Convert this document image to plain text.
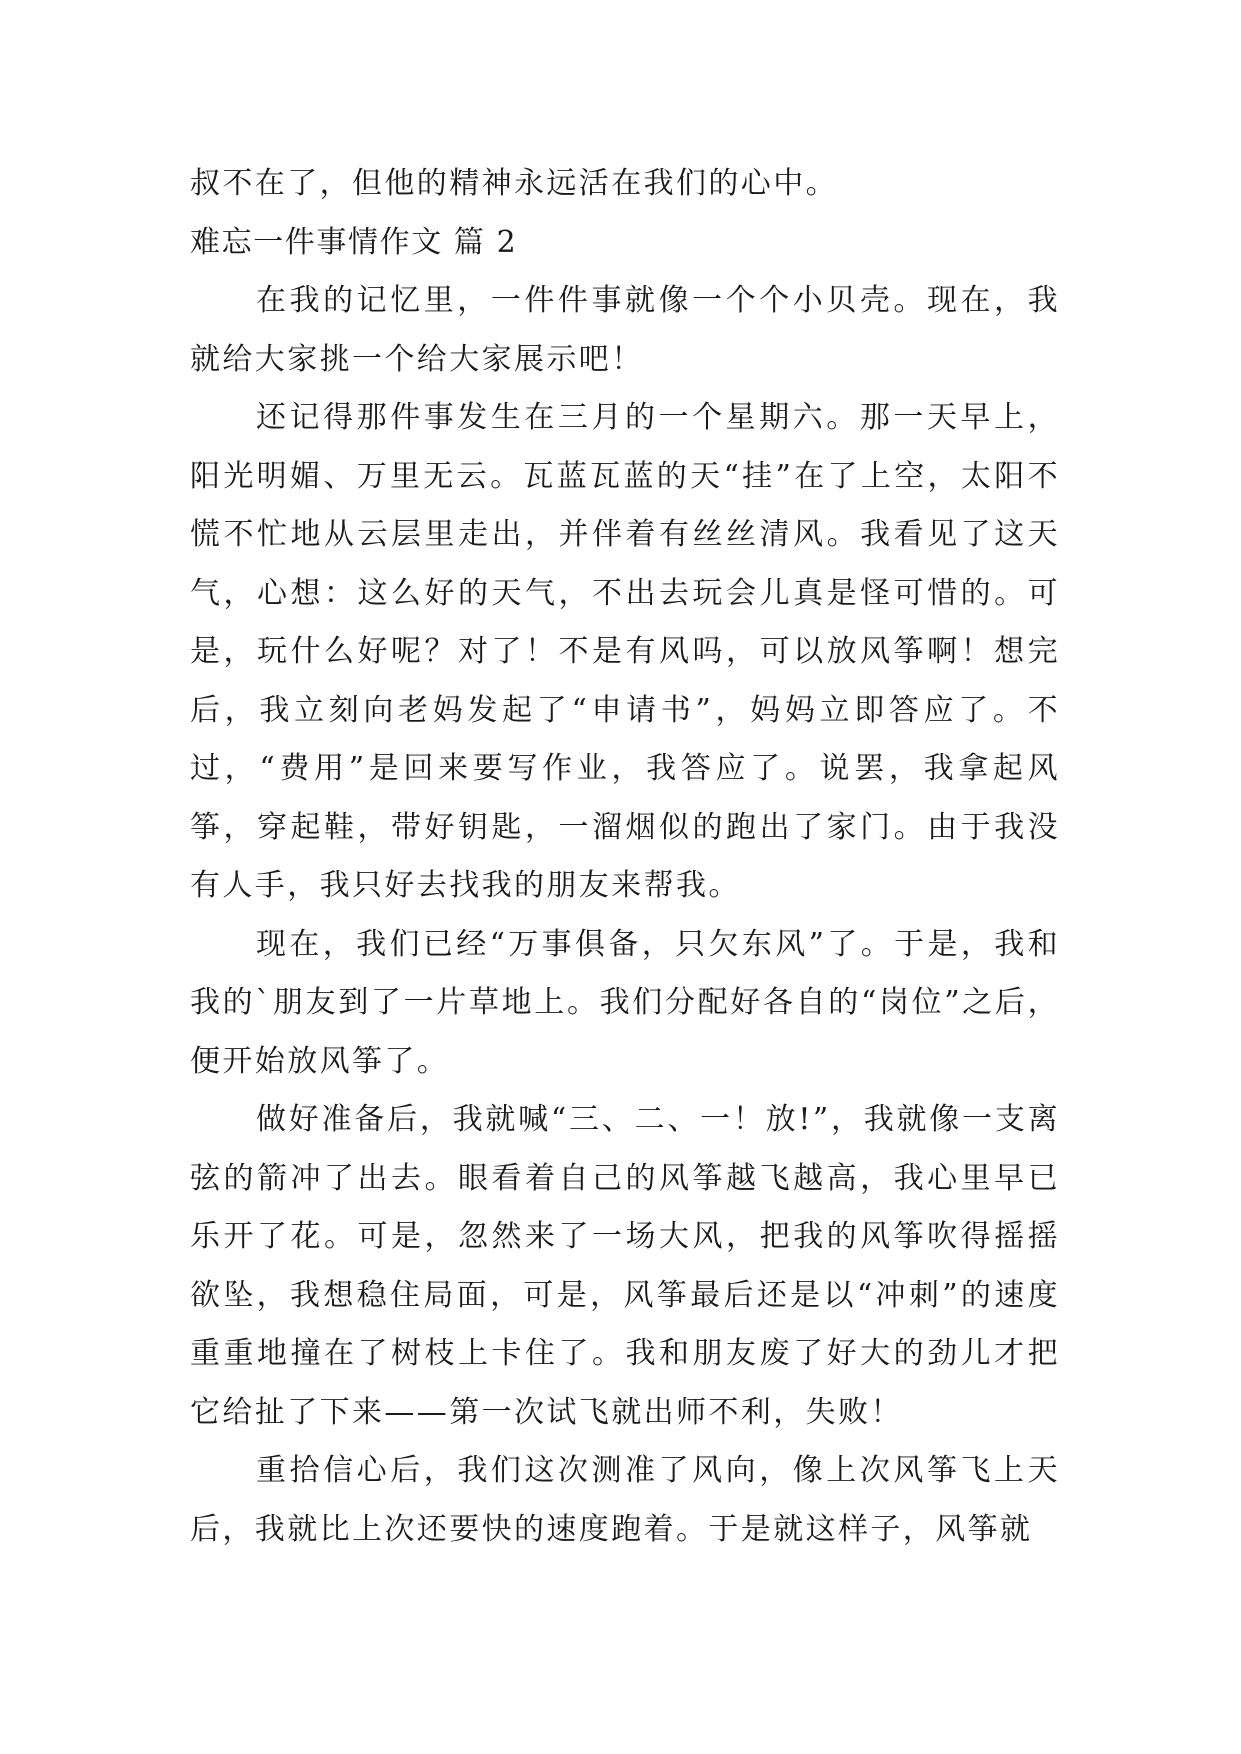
叔不在了，但他的精神永远活在我们的心中。

难忘一件事情作文 篇 2

在我的记忆里，一件件事就像一个个小贝壳。现在，我就给大家挑一个给大家展示吧！

还记得那件事发生在三月的一个星期六。那一天早上，阳光明媚、万里无云。瓦蓝瓦蓝的天“挂”在了上空，太阳不慌不忙地从云层里走出，并伴着有丝丝清风。我看见了这天气，心想：这么好的天气，不出去玩会儿真是怪可惜的。可是，玩什么好呢？对了！不是有风吗，可以放风筝啊！想完后，我立刻向老妈发起了“申请书”，妈妈立即答应了。不过，“费用”是回来要写作业，我答应了。说罢，我拿起风筝，穿起鞋，带好钥匙，一溜烟似的跑出了家门。由于我没有人手，我只好去找我的朋友来帮我。

现在，我们已经“万事俱备，只欠东风”了。于是，我和我的`朋友到了一片草地上。我们分配好各自的“岗位”之后，便开始放风筝了。

做好准备后，我就喊“三、二、一！放!”，我就像一支离弦的箭冲了出去。眼看着自己的风筝越飞越高，我心里早已乐开了花。可是，忽然来了一场大风，把我的风筝吹得摇摇欲坠，我想稳住局面，可是，风筝最后还是以“冲刺”的速度重重地撞在了树枝上卡住了。我和朋友废了好大的劲儿才把它给扯了下来——第一次试飞就出师不利，失败！

重拾信心后，我们这次测准了风向，像上次风筝飞上天后，我就比上次还要快的速度跑着。于是就这样子，风筝就
